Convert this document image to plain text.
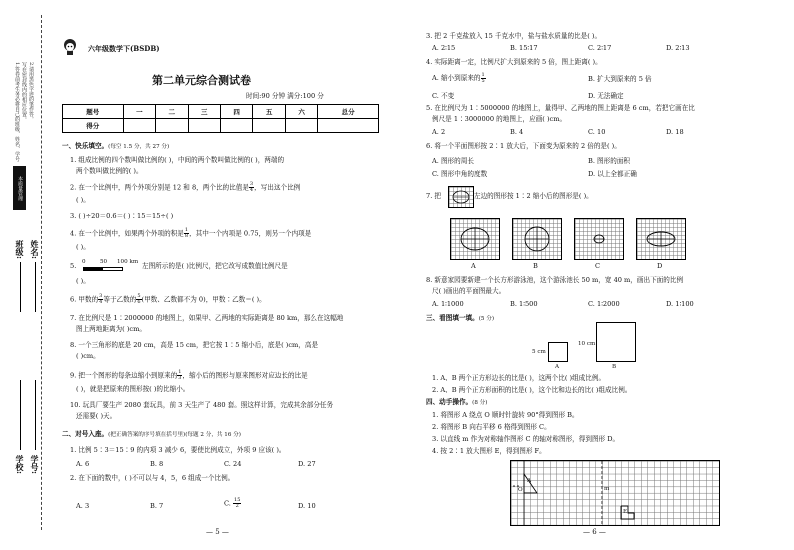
1.答卷前考生务必将自己的班级、姓名、学号 写在密封线内的相应位置。 2.请用黑色字迹的笔作答。
本质量管理
班级: 姓名:
学校: 学号:
六年级数学下(BSDB)
第二单元综合测试卷
时间:90 分钟 满分:100 分
题号	一	二	三	四	五	六	总分
得分							
一、快乐填空。(每空 1.5 分，共 27 分)
1. 组成比例的四个数叫做比例的( )，中间的两个数叫做比例的( )，两端的
两个数叫做比例的( )。
2. 在一个比例中，两个外项分别是 12 和 8，两个比的比值是 $\frac{3}{4}$ ，写出这个比例
( )。
3. ( )÷20＝0.6＝( )∶15＝15÷( )
4. 在一个比例中，如果两个外项的积是 $\frac{1}{8}$ ，其中一个内项是 0.75，则另一个内项是
( )。
5. 0	50 100 km 左图所示的是( )比例尺，把它改写成数值比例尺是
( )。
6. 甲数的 $\frac{3}{4}$ 等于乙数的 $\frac{5}{6}$ (甲数、乙数都不为 0)，甲数∶乙数＝( )。
7. 在比例尺是 1∶2000000 的地图上，如果甲、乙两地的实际距离是 80 km，那么在这幅地
图上两地距离为( )cm。
8. 一个三角形的底是 20 cm，高是 15 cm，把它按 1∶5 缩小后，底是( )cm，高是
( )cm。
9. 把一个图形的每条边缩小到原来的 $\frac{1}{3}$ ，缩小后的图形与原来图形对应边长的比是
( )，就是把原来的图形按( )的比缩小。
10. 玩具厂要生产 2080 套玩具，前 3 天生产了 480 套。照这样计算，完成其余部分任务
还需要( )天。
二、对号入座。(把正确答案的序号填在括号里)(每题 2 分，共 16 分)
1. 比例 5∶3＝15∶9 的内项 3 减少 6，要使比例成立，外项 9 应该( )。
A. 6	B. 8	C. 24	D. 27
2. 在下面的数中，( )不可以与 4，5，6 组成一个比例。
A. 3	B. 7	C. $\frac{15}{2}$	D. 10
— 5 —
3. 把 2 千克盐放入 15 千克水中，盐与盐水质量的比是( )。
A. 2∶15	B. 15∶17	C. 2∶17	D. 2∶13
4. 实际距离一定，比例尺扩大到原来的 5 倍，图上距离( )。
A. 缩小到原来的 $\frac{1}{5}$	B. 扩大到原来的 5 倍
C. 不变	D. 无法确定
5. 在比例尺为 1∶5000000 的地图上，量得甲、乙两地的图上距离是 6 cm，若把它画在比
例尺是 1∶3000000 的地图上，应画( )cm。
A. 2	B. 4	C. 10	D. 18
6. 将一个平面图形按 2∶1 放大后，下面变为原来的 2 倍的是( )。
A. 图形的周长	B. 图形的面积
C. 图形中角的度数	D. 以上全都正确
7. 把	左边的图形按 1∶2 缩小后的图形是( )。
A	B	C	D
8. 新意家园要新建一个长方形游泳池，这个游泳池长 50 m，宽 40 m，画出下面的比例
尺( )画出的平面图最大。
A. 1∶1000	B. 1∶500	C. 1∶2000	D. 1∶100
三、看图填一填。(5 分)
5 cm
A
10 cm
B
1. A、B 两个正方形边长的比是( )，这两个比( )组成比例。
2. A、B 两个正方形面积的比是( )，这个比和边长的比( )组成比例。
四、动手操作。(8 分)
1. 将图形 A 绕点 O 顺时针旋转 90°得到图形 B。
2. 将图形 B 向右平移 6 格得到图形 C。
3. 以直线 m 作为对称轴作图形 C 的轴对称图形，得到图形 D。
4. 按 2∶1 放大图形 E，得到图形 F。
A
O	m
E
— 6 —
